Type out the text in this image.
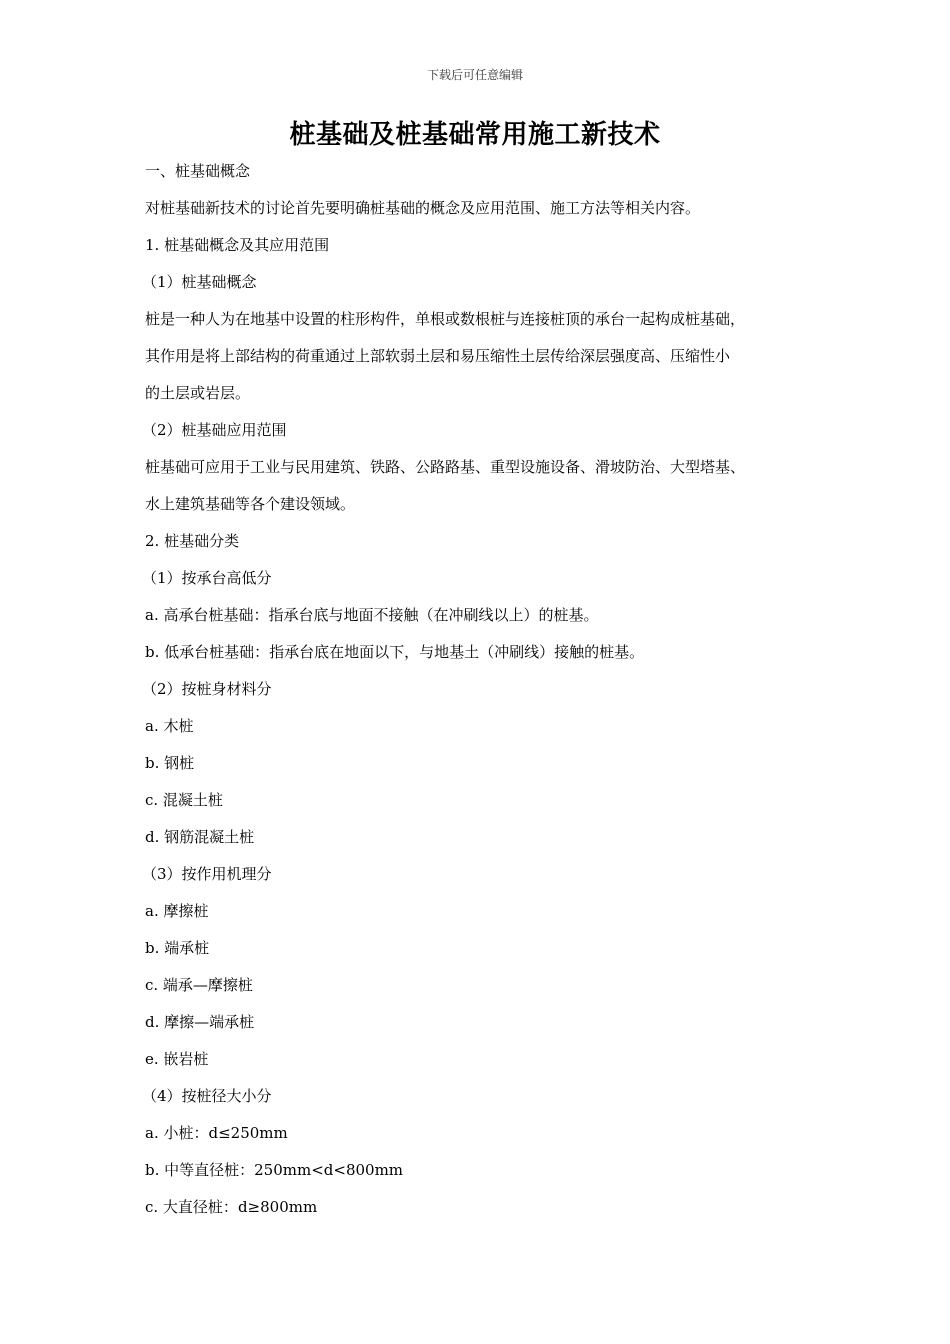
下载后可任意编辑
桩基础及桩基础常用施工新技术
一、桩基础概念
对桩基础新技术的讨论首先要明确桩基础的概念及应用范围、施工方法等相关内容。
1. 桩基础概念及其应用范围
（1）桩基础概念
桩是一种人为在地基中设置的柱形构件，单根或数根桩与连接桩顶的承台一起构成桩基础，
其作用是将上部结构的荷重通过上部软弱土层和易压缩性土层传给深层强度高、压缩性小
的土层或岩层。
（2）桩基础应用范围
桩基础可应用于工业与民用建筑、铁路、公路路基、重型设施设备、滑坡防治、大型塔基、
水上建筑基础等各个建设领域。
2. 桩基础分类
（1）按承台高低分
a. 高承台桩基础：指承台底与地面不接触（在冲刷线以上）的桩基。
b. 低承台桩基础：指承台底在地面以下，与地基土（冲刷线）接触的桩基。
（2）按桩身材料分
a. 木桩
b. 钢桩
c. 混凝土桩
d. 钢筋混凝土桩
（3）按作用机理分
a. 摩擦桩
b. 端承桩
c. 端承—摩擦桩
d. 摩擦—端承桩
e. 嵌岩桩
（4）按桩径大小分
a. 小桩：d≤250mm
b. 中等直径桩：250mm<d<800mm
c. 大直径桩：d≥800mm
